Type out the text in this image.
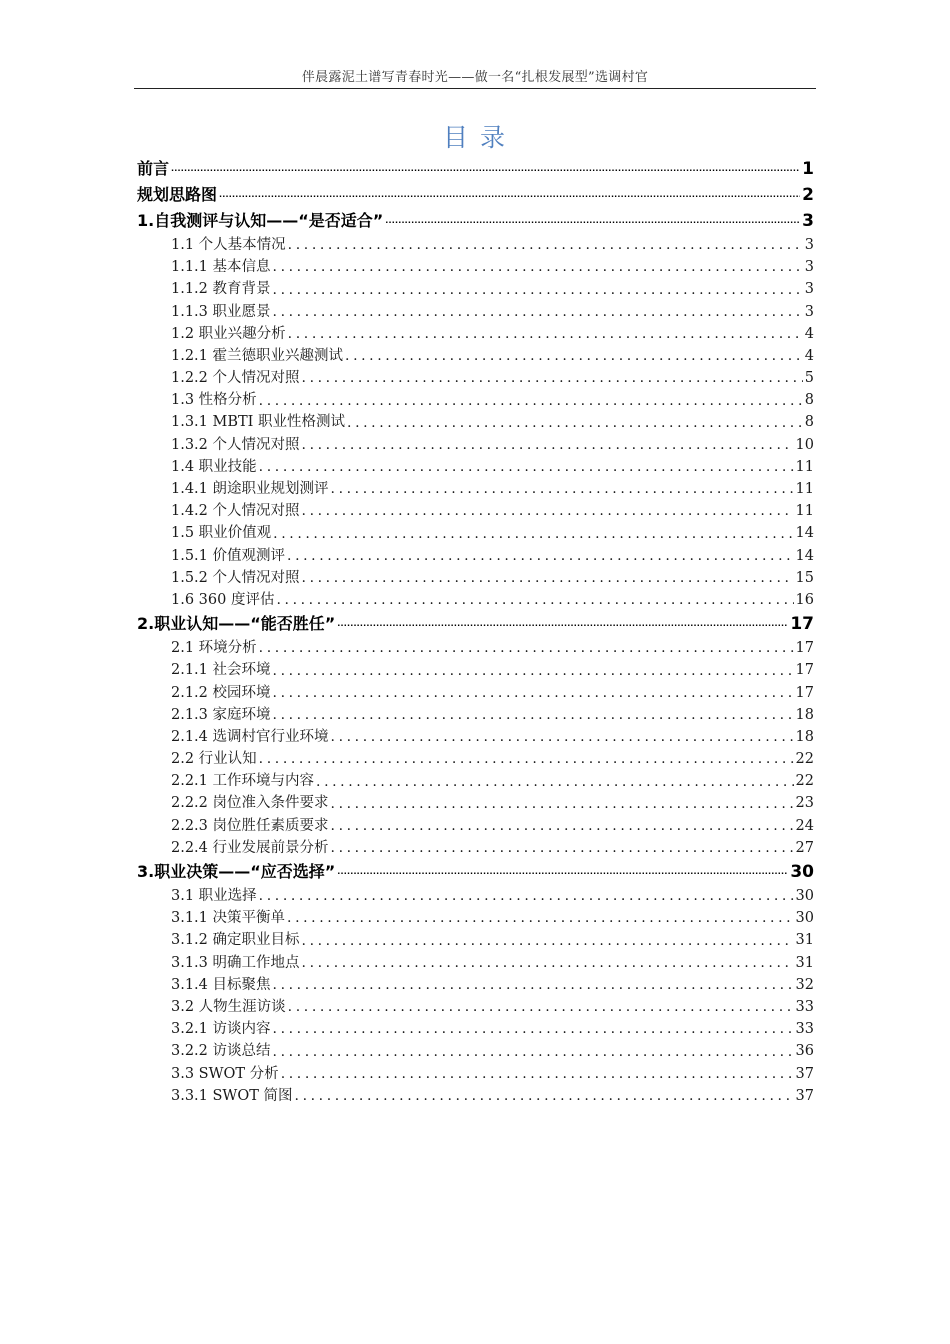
伴晨露泥土谱写青春时光——做一名“扎根发展型”选调村官
目 录
前言 .....	1
规划思路图 .....	2
1.自我测评与认知——“是否适合” .....	3
1.1 个人基本情况 .....	3
1.1.1 基本信息 .....	3
1.1.2 教育背景 .....	3
1.1.3 职业愿景 .....	3
1.2 职业兴趣分析 .....	4
1.2.1 霍兰德职业兴趣测试 .....	4
1.2.2 个人情况对照 .....	5
1.3 性格分析 .....	8
1.3.1 MBTI 职业性格测试 .....	8
1.3.2 个人情况对照 .....	10
1.4 职业技能 .....	11
1.4.1 朗途职业规划测评 .....	11
1.4.2 个人情况对照 .....	11
1.5 职业价值观 .....	14
1.5.1 价值观测评 .....	14
1.5.2 个人情况对照 .....	15
1.6 360 度评估 .....	16
2.职业认知——“能否胜任” .....	17
2.1 环境分析 .....	17
2.1.1 社会环境 .....	17
2.1.2 校园环境 .....	17
2.1.3 家庭环境 .....	18
2.1.4 选调村官行业环境 .....	18
2.2 行业认知 .....	22
2.2.1 工作环境与内容 .....	22
2.2.2 岗位准入条件要求 .....	23
2.2.3 岗位胜任素质要求 .....	24
2.2.4 行业发展前景分析 .....	27
3.职业决策——“应否选择” .....	30
3.1 职业选择 .....	30
3.1.1 决策平衡单 .....	30
3.1.2 确定职业目标 .....	31
3.1.3 明确工作地点 .....	31
3.1.4 目标聚焦 .....	32
3.2 人物生涯访谈 .....	33
3.2.1 访谈内容 .....	33
3.2.2 访谈总结 .....	36
3.3 SWOT 分析 .....	37
3.3.1 SWOT 简图 .....	37
